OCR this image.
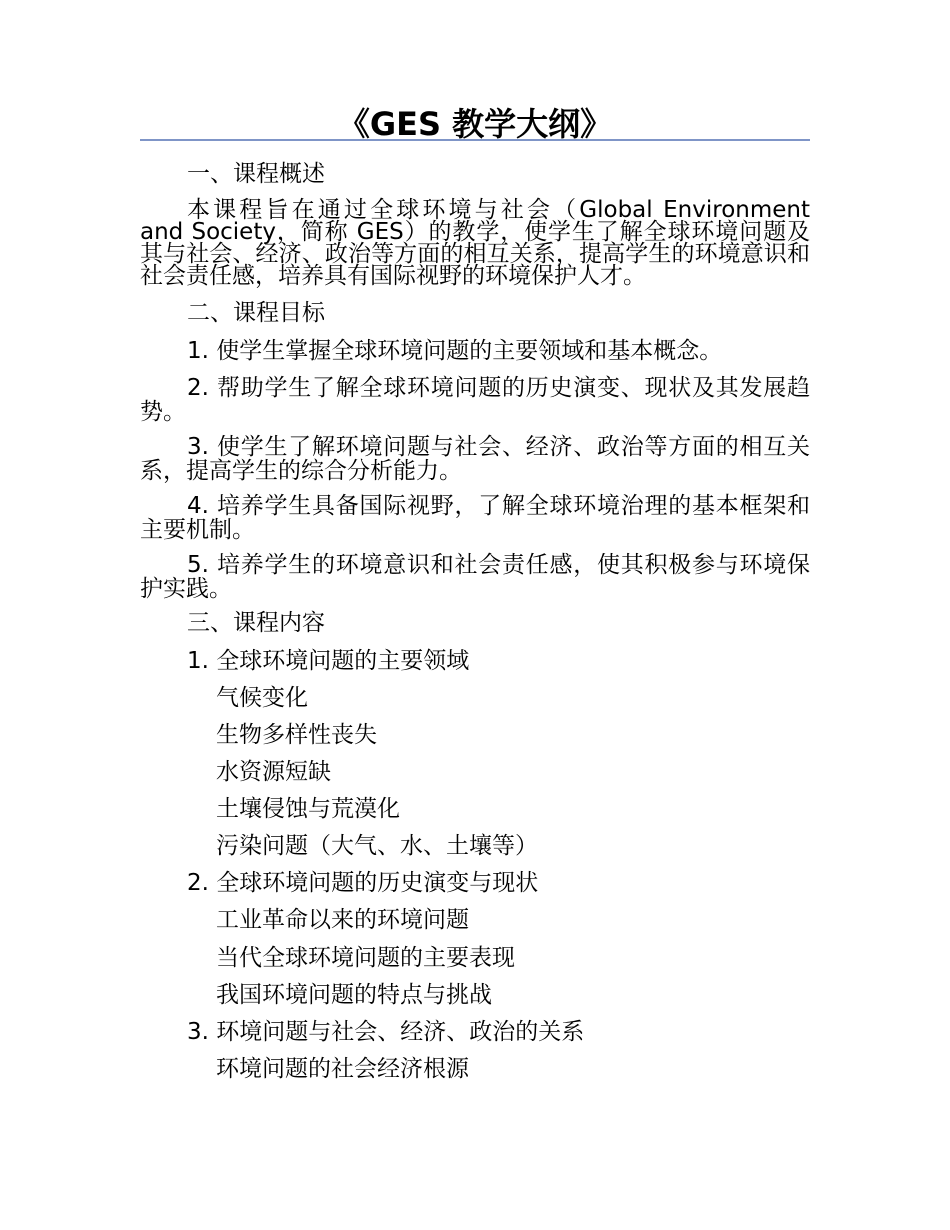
《GES 教学大纲》
一、课程概述
本课程旨在通过全球环境与社会（Global Environment and Society，简称 GES）的教学，使学生了解全球环境问题及其与社会、经济、政治等方面的相互关系，提高学生的环境意识和社会责任感，培养具有国际视野的环境保护人才。
二、课程目标
1. 使学生掌握全球环境问题的主要领域和基本概念。
2. 帮助学生了解全球环境问题的历史演变、现状及其发展趋势。
3. 使学生了解环境问题与社会、经济、政治等方面的相互关系，提高学生的综合分析能力。
4. 培养学生具备国际视野，了解全球环境治理的基本框架和主要机制。
5. 培养学生的环境意识和社会责任感，使其积极参与环境保护实践。
三、课程内容
1. 全球环境问题的主要领域
气候变化
生物多样性丧失
水资源短缺
土壤侵蚀与荒漠化
污染问题（大气、水、土壤等）
2. 全球环境问题的历史演变与现状
工业革命以来的环境问题
当代全球环境问题的主要表现
我国环境问题的特点与挑战
3. 环境问题与社会、经济、政治的关系
环境问题的社会经济根源
